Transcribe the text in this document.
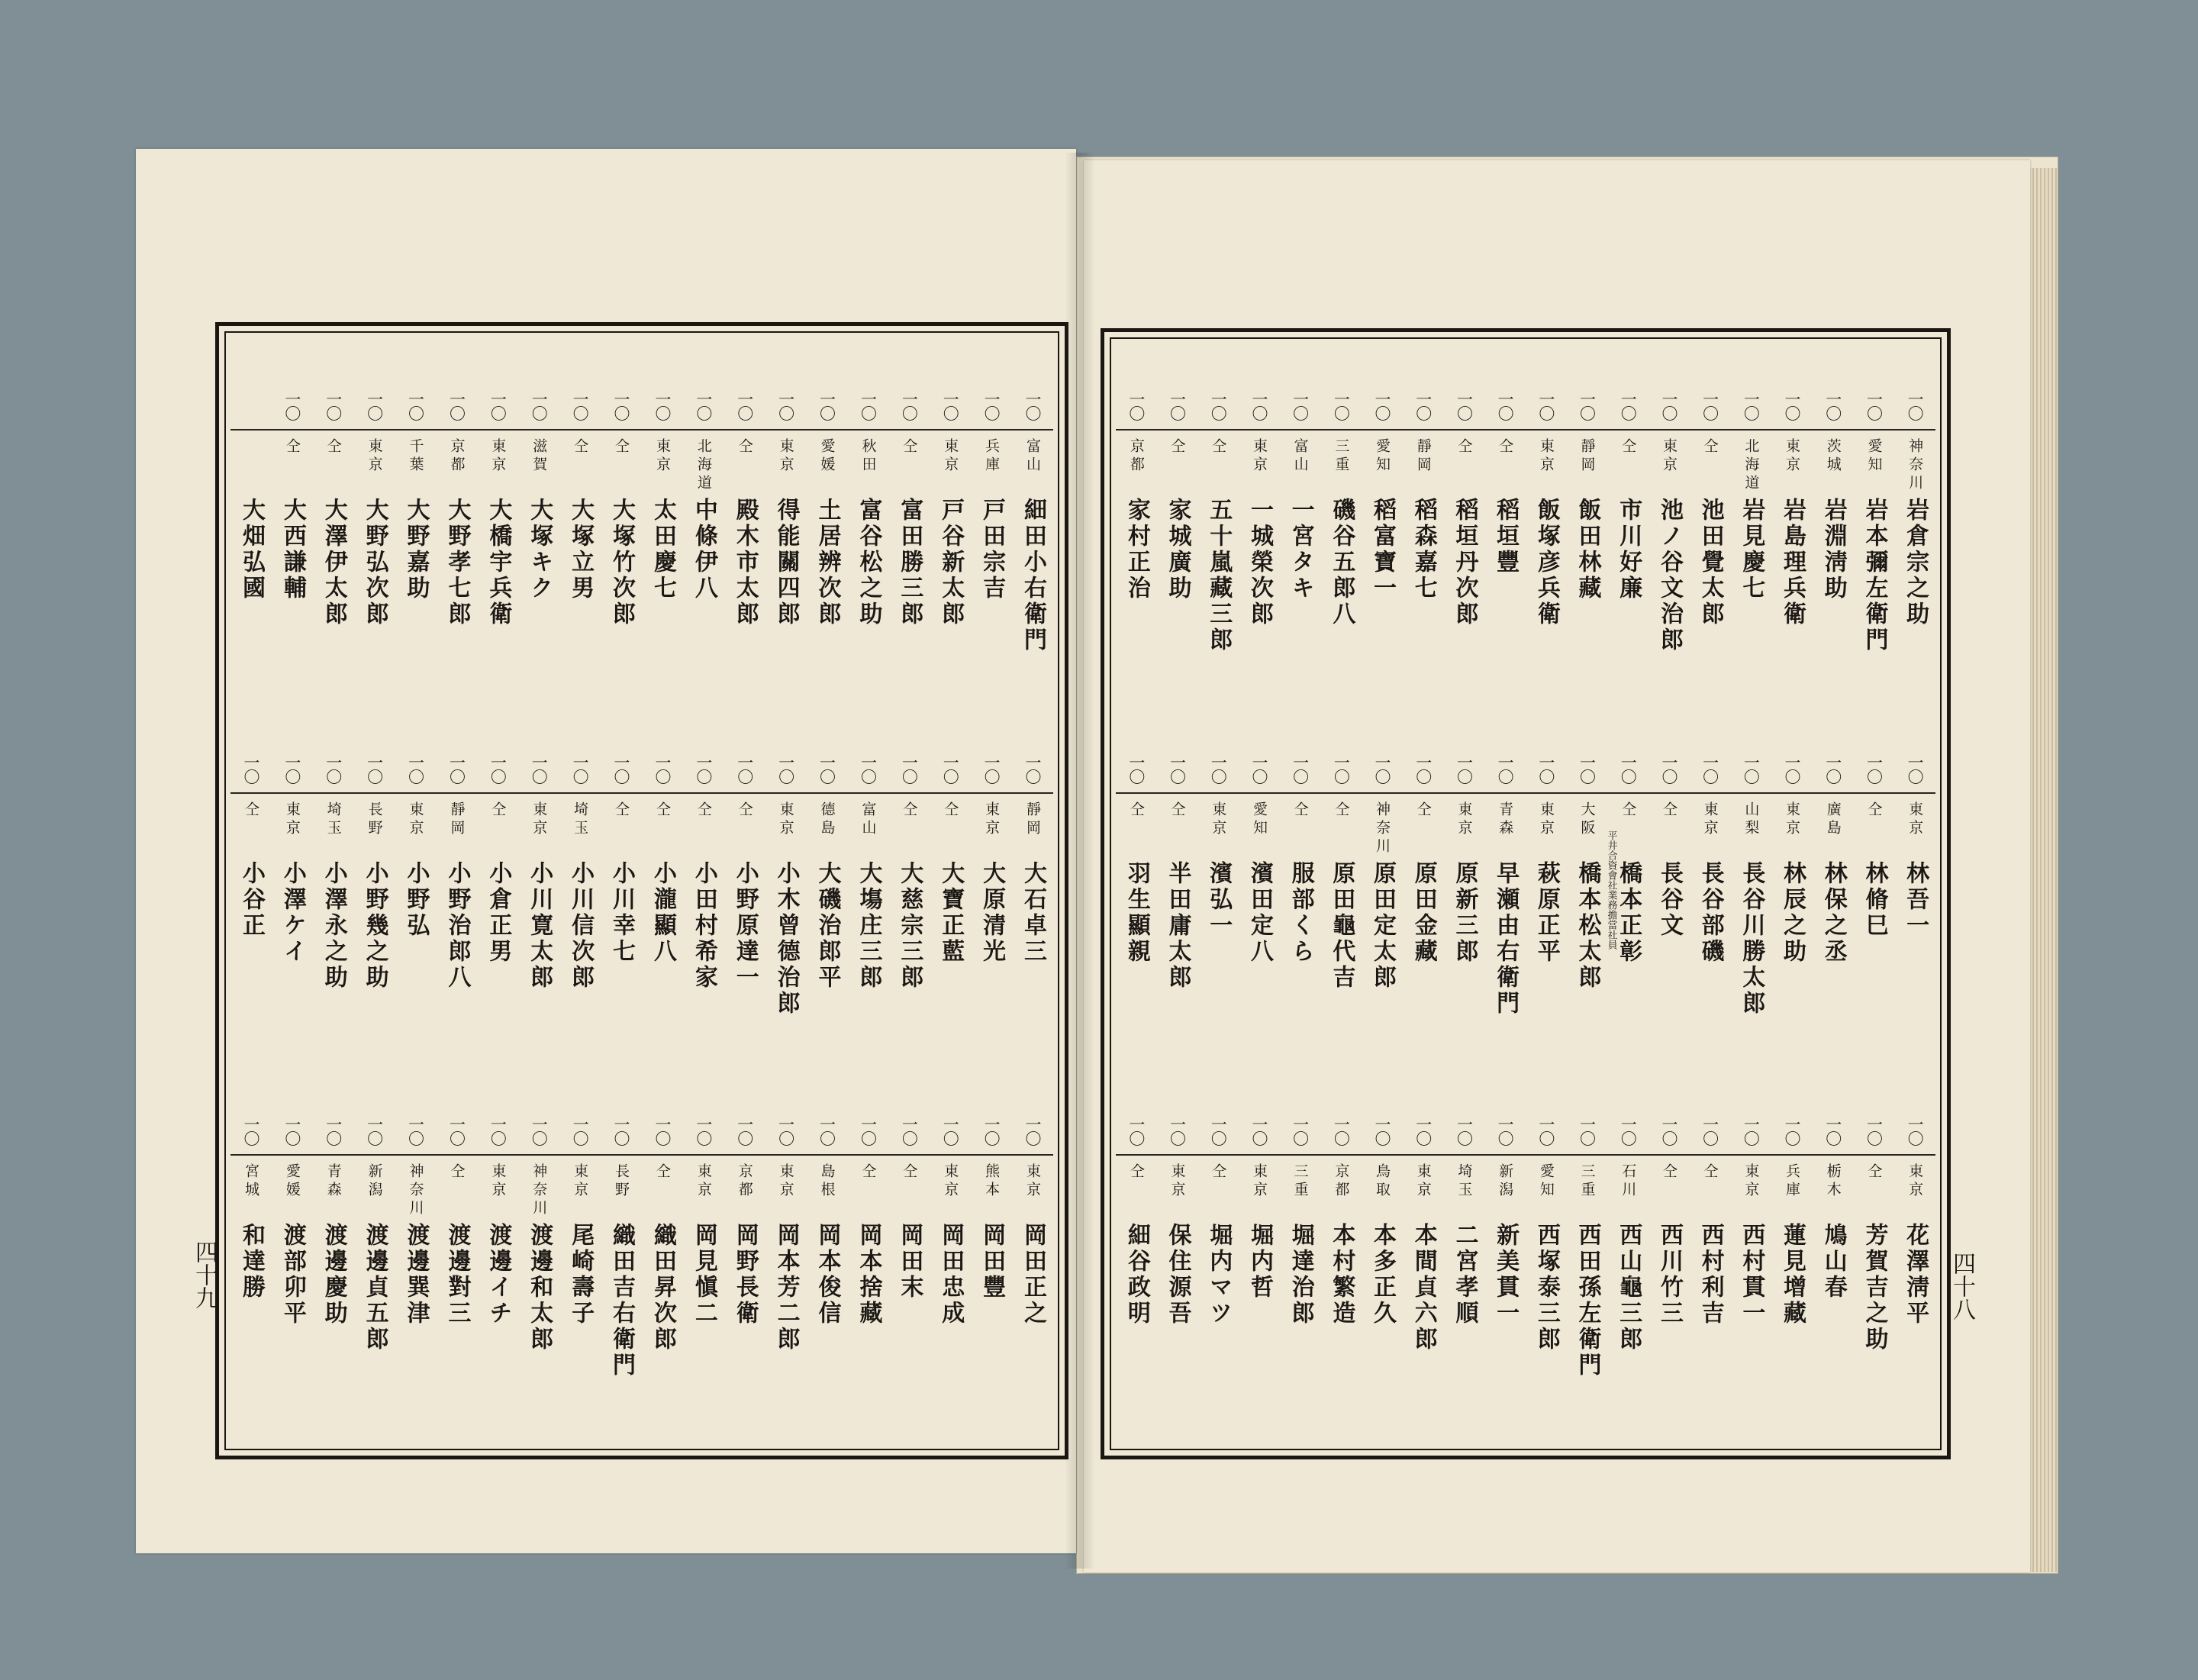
四十九	四十八
一〇
富山
細田小右衛門
一〇
兵庫
戸田宗吉
一〇
東京
戸谷新太郎
一〇
仝
富田勝三郎
一〇
秋田
富谷松之助
一〇
愛媛
土居辨次郎
一〇
東京
得能關四郎
一〇
仝
殿木市太郎
一〇
北海道
中條伊八
一〇
東京
太田慶七
一〇
仝
大塚竹次郎
一〇
仝
大塚立男
一〇
滋賀
大塚キク
一〇
東京
大橋宇兵衛
一〇
京都
大野孝七郎
一〇
千葉
大野嘉助
一〇
東京
大野弘次郎
一〇
仝
大澤伊太郎
一〇
仝
大西謙輔
大畑弘國
一〇
靜岡
大石卓三
一〇
東京
大原清光
一〇
仝
大寶正藍
一〇
仝
大慈宗三郎
一〇
富山
大塲庄三郎
一〇
德島
大磯治郎平
一〇
東京
小木曾德治郎
一〇
仝
小野原達一
一〇
仝
小田村希家
一〇
仝
小瀧顯八
一〇
仝
小川幸七
一〇
埼玉
小川信次郎
一〇
東京
小川寛太郎
一〇
仝
小倉正男
一〇
靜岡
小野治郎八
一〇
東京
小野弘
一〇
長野
小野幾之助
一〇
埼玉
小澤永之助
一〇
東京
小澤ケイ
一〇
仝
小谷正
一〇
東京
岡田正之
一〇
熊本
岡田豐
一〇
東京
岡田忠成
一〇
仝
岡田末
一〇
仝
岡本捨藏
一〇
島根
岡本俊信
一〇
東京
岡本芳二郎
一〇
京都
岡野長衛
一〇
東京
岡見愼二
一〇
仝
織田昇次郎
一〇
長野
織田吉右衛門
一〇
東京
尾崎壽子
一〇
神奈川
渡邊和太郎
一〇
東京
渡邊イチ
一〇
仝
渡邊對三
一〇
神奈川
渡邊巽津
一〇
新潟
渡邊貞五郎
一〇
青森
渡邊慶助
一〇
愛媛
渡部卯平
一〇
宮城
和達勝
一〇
神奈川
岩倉宗之助
一〇
愛知
岩本彌左衛門
一〇
茨城
岩淵淸助
一〇
東京
岩島理兵衛
一〇
北海道
岩見慶七
一〇
仝
池田覺太郎
一〇
東京
池ノ谷文治郎
一〇
仝
市川好廉
一〇
靜岡
飯田林藏
一〇
東京
飯塚彦兵衛
一〇
仝
稻垣豐
一〇
仝
稻垣丹次郎
一〇
靜岡
稻森嘉七
一〇
愛知
稻富寶一
一〇
三重
磯谷五郎八
一〇
富山
一宮タキ
一〇
東京
一城榮次郎
一〇
仝
五十嵐藏三郎
一〇
仝
家城廣助
一〇
京都
家村正治
一〇
東京
林吾一
一〇
仝
林脩巳
一〇
廣島
林保之丞
一〇
東京
林辰之助
一〇
山梨
長谷川勝太郎
一〇
東京
長谷部磯
一〇
仝
長谷文
一〇
仝
橋本正彰
一〇
大阪
橋本松太郎 平井合資會社業務擔當社員
一〇
東京
萩原正平
一〇
青森
早瀬由右衛門
一〇
東京
原新三郎
一〇
仝
原田金藏
一〇
神奈川
原田定太郎
一〇
仝
原田龜代吉
一〇
仝
服部くら
一〇
愛知
濱田定八
一〇
東京
濱弘一
一〇
仝
半田庸太郎
一〇
仝
羽生顯親
一〇
東京
花澤淸平
一〇
仝
芳賀吉之助
一〇
栃木
鳩山春
一〇
兵庫
蓮見增藏
一〇
東京
西村貫一
一〇
仝
西村利吉
一〇
仝
西川竹三
一〇
石川
西山龜三郎
一〇
三重
西田孫左衛門
一〇
愛知
西塚泰三郎
一〇
新潟
新美貫一
一〇
埼玉
二宮孝順
一〇
東京
本間貞六郎
一〇
鳥取
本多正久
一〇
京都
本村繁造
一〇
三重
堀達治郎
一〇
東京
堀内哲
一〇
仝
堀内マツ
一〇
東京
保住源吾
一〇
仝
細谷政明
